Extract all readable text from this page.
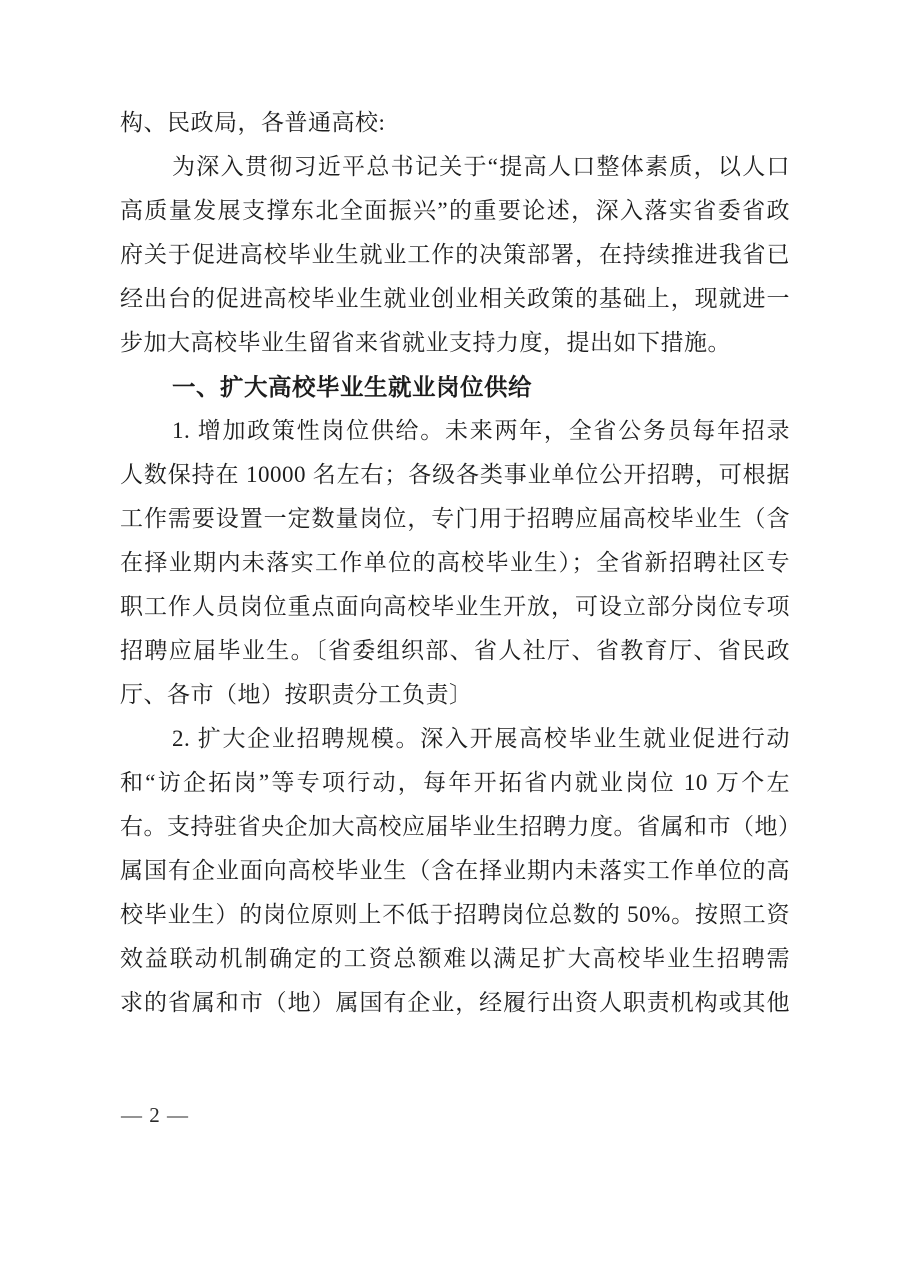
构、民政局，各普通高校:

为深入贯彻习近平总书记关于“提高人口整体素质，以人口

高质量发展支撑东北全面振兴”的重要论述，深入落实省委省政

府关于促进高校毕业生就业工作的决策部署，在持续推进我省已

经出台的促进高校毕业生就业创业相关政策的基础上，现就进一

步加大高校毕业生留省来省就业支持力度，提出如下措施。

一、扩大高校毕业生就业岗位供给

1. 增加政策性岗位供给。未来两年，全省公务员每年招录

人数保持在 10000 名左右；各级各类事业单位公开招聘，可根据

工作需要设置一定数量岗位，专门用于招聘应届高校毕业生（含

在择业期内未落实工作单位的高校毕业生）；全省新招聘社区专

职工作人员岗位重点面向高校毕业生开放，可设立部分岗位专项

招聘应届毕业生。〔省委组织部、省人社厅、省教育厅、省民政

厅、各市（地）按职责分工负责〕

2. 扩大企业招聘规模。深入开展高校毕业生就业促进行动

和“访企拓岗”等专项行动，每年开拓省内就业岗位 10 万个左

右。支持驻省央企加大高校应届毕业生招聘力度。省属和市（地）

属国有企业面向高校毕业生（含在择业期内未落实工作单位的高

校毕业生）的岗位原则上不低于招聘岗位总数的 50%。按照工资

效益联动机制确定的工资总额难以满足扩大高校毕业生招聘需

求的省属和市（地）属国有企业，经履行出资人职责机构或其他

— 2 —
